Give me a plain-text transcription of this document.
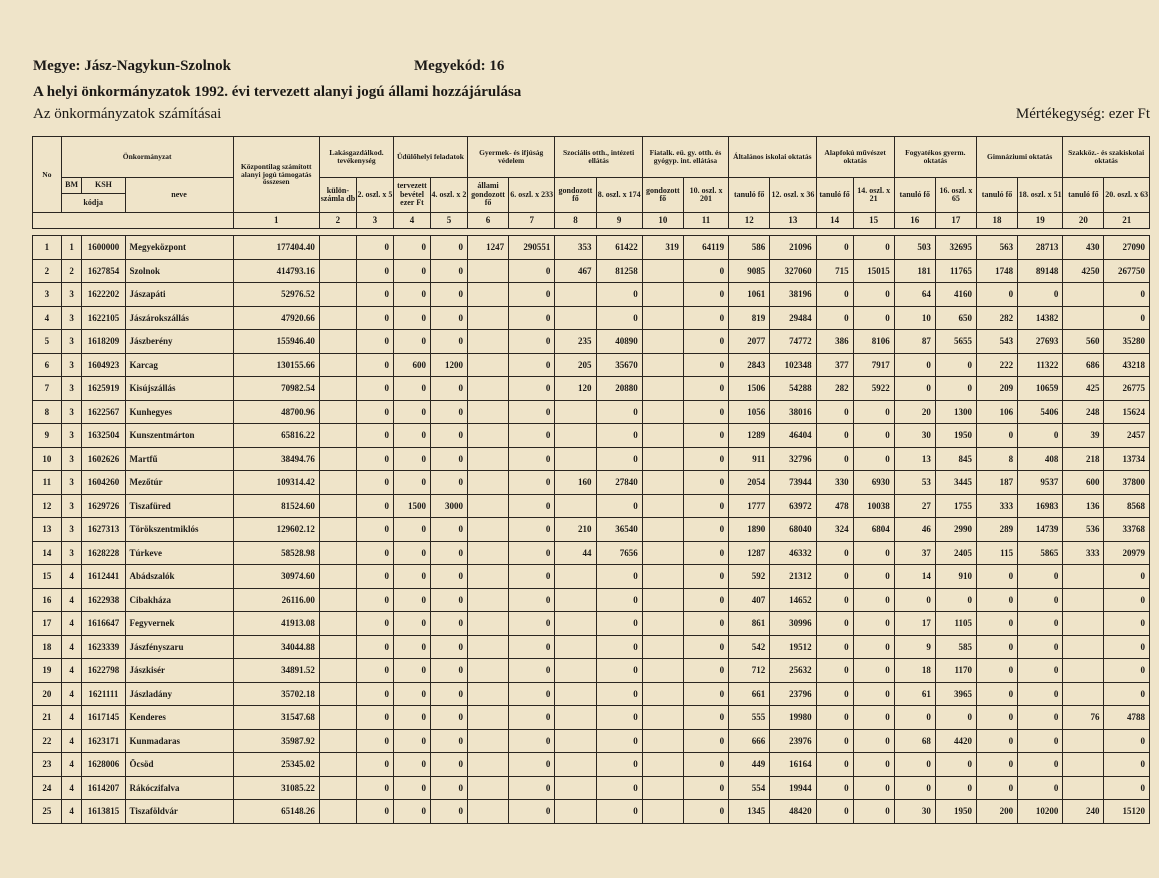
Megye: Jász-Nagykun-Szolnok	Megyekód: 16
A helyi önkormányzatok 1992. évi tervezett alanyi jogú állami hozzájárulása
Az önkormányzatok számításai	Mértékegység: ezer Ft
No	Önkormányzat			Központilag számított alanyi jogú támogatás összesen	Lakásgazdálkod. tevékenység		Üdülőhelyi feladatok		Gyermek- és ifjúság védelem		Szociális otth., intézeti ellátás		Fiatalk. eü. gy. otth. és gyógyp. int. ellátása		Általános iskolai oktatás		Alapfokú művészet oktatás		Fogyatékos gyerm. oktatás		Gimnáziumi oktatás		Szakköz.- és szakiskolai oktatás	
	BM	KSH	neve		külön-számla db	2. oszl. x 5	tervezett bevétel ezer Ft	4. oszl. x 2	állami gondozott fő	6. oszl. x 233	gondozott fő	8. oszl. x 174	gondozott fő	10. oszl. x 201	tanuló fő	12. oszl. x 36	tanuló fő	14. oszl. x 21	tanuló fő	16. oszl. x 65	tanuló fő	18. oszl. x 51	tanuló fő	20. oszl. x 63
	kódja																							
				1	2	3	4	5	6	7	8	9	10	11	12	13	14	15	16	17	18	19	20	21

1	1	1600000	Megyeközpont	177404.40		0	0	0	1247	290551	353	61422	319	64119	586	21096	0	0	503	32695	563	28713	430	27090
2	2	1627854	Szolnok	414793.16		0	0	0		0	467	81258		0	9085	327060	715	15015	181	11765	1748	89148	4250	267750
3	3	1622202	Jászapáti	52976.52		0	0	0		0		0		0	1061	38196	0	0	64	4160	0	0		0
4	3	1622105	Jászárokszállás	47920.66		0	0	0		0		0		0	819	29484	0	0	10	650	282	14382		0
5	3	1618209	Jászberény	155946.40		0	0	0		0	235	40890		0	2077	74772	386	8106	87	5655	543	27693	560	35280
6	3	1604923	Karcag	130155.66		0	600	1200		0	205	35670		0	2843	102348	377	7917	0	0	222	11322	686	43218
7	3	1625919	Kisújszállás	70982.54		0	0	0		0	120	20880		0	1506	54288	282	5922	0	0	209	10659	425	26775
8	3	1622567	Kunhegyes	48700.96		0	0	0		0		0		0	1056	38016	0	0	20	1300	106	5406	248	15624
9	3	1632504	Kunszentmárton	65816.22		0	0	0		0		0		0	1289	46404	0	0	30	1950	0	0	39	2457
10	3	1602626	Martfű	38494.76		0	0	0		0		0		0	911	32796	0	0	13	845	8	408	218	13734
11	3	1604260	Mezőtúr	109314.42		0	0	0		0	160	27840		0	2054	73944	330	6930	53	3445	187	9537	600	37800
12	3	1629726	Tiszafüred	81524.60		0	1500	3000		0		0		0	1777	63972	478	10038	27	1755	333	16983	136	8568
13	3	1627313	Törökszentmiklós	129602.12		0	0	0		0	210	36540		0	1890	68040	324	6804	46	2990	289	14739	536	33768
14	3	1628228	Túrkeve	58528.98		0	0	0		0	44	7656		0	1287	46332	0	0	37	2405	115	5865	333	20979
15	4	1612441	Abádszalók	30974.60		0	0	0		0		0		0	592	21312	0	0	14	910	0	0		0
16	4	1622938	Cibakháza	26116.00		0	0	0		0		0		0	407	14652	0	0	0	0	0	0		0
17	4	1616647	Fegyvernek	41913.08		0	0	0		0		0		0	861	30996	0	0	17	1105	0	0		0
18	4	1623339	Jászfényszaru	34044.88		0	0	0		0		0		0	542	19512	0	0	9	585	0	0		0
19	4	1622798	Jászkisér	34891.52		0	0	0		0		0		0	712	25632	0	0	18	1170	0	0		0
20	4	1621111	Jászladány	35702.18		0	0	0		0		0		0	661	23796	0	0	61	3965	0	0		0
21	4	1617145	Kenderes	31547.68		0	0	0		0		0		0	555	19980	0	0	0	0	0	0	76	4788
22	4	1623171	Kunmadaras	35987.92		0	0	0		0		0		0	666	23976	0	0	68	4420	0	0		0
23	4	1628006	Öcsöd	25345.02		0	0	0		0		0		0	449	16164	0	0	0	0	0	0		0
24	4	1614207	Rákóczifalva	31085.22		0	0	0		0		0		0	554	19944	0	0	0	0	0	0		0
25	4	1613815	Tiszaföldvár	65148.26		0	0	0		0		0		0	1345	48420	0	0	30	1950	200	10200	240	15120
